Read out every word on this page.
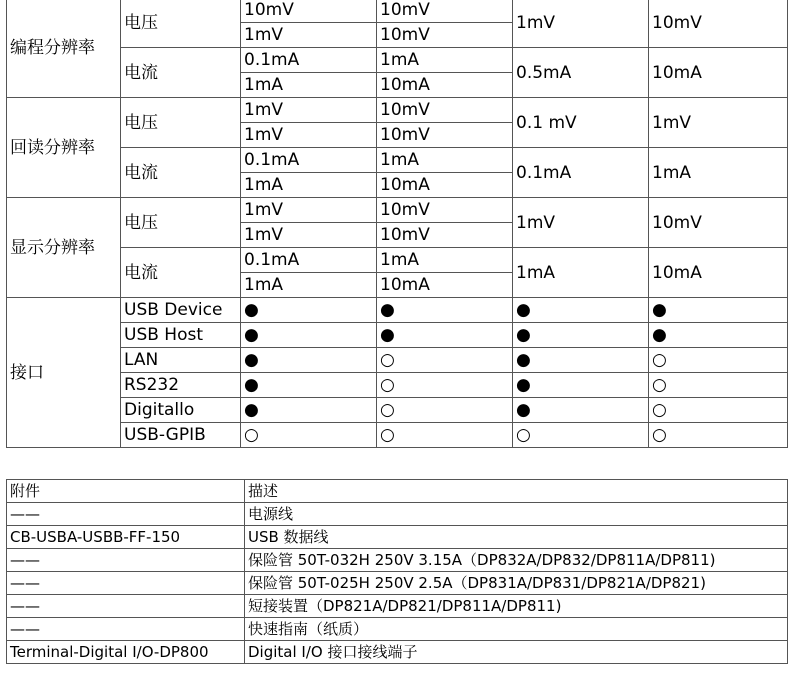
编程分辨率	电压	10mV	10mV	1mV	10mV
		1mV	10mV		
	电流	0.1mA	1mA	0.5mA	10mA
		1mA	10mA		
回读分辨率	电压	1mV	10mV	0.1 mV	1mV
		1mV	10mV		
	电流	0.1mA	1mA	0.1mA	1mA
		1mA	10mA		
显示分辨率	电压	1mV	10mV	1mV	10mV
		1mV	10mV		
	电流	0.1mA	1mA	1mA	10mA
		1mA	10mA		
接口	USB Device	●	●	●	●
	USB Host	●	●	●	●
	LAN	●	○	●	○
	RS232	●	○	●	○
	Digitallo	●	○	●	○
	USB-GPIB	○	○	○	○
附件	描述
——	电源线
CB-USBA-USBB-FF-150	USB 数据线
——	保险管 50T-032H 250V 3.15A（DP832A/DP832/DP811A/DP811)
——	保险管 50T-025H 250V 2.5A（DP831A/DP831/DP821A/DP821)
——	短接装置（DP821A/DP821/DP811A/DP811)
——	快速指南（纸质）
Terminal-Digital I/O-DP800	Digital I/O 接口接线端子
